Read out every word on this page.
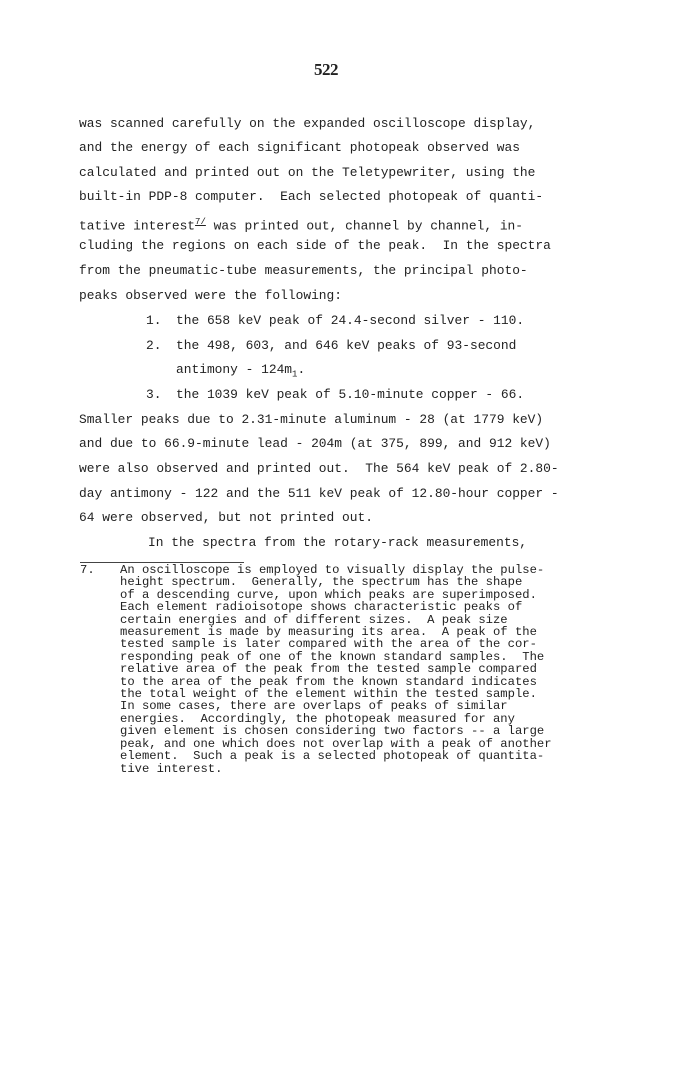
522
was scanned carefully on the expanded oscilloscope display,
and the energy of each significant photopeak observed was
calculated and printed out on the Teletypewriter, using the
built-in PDP-8 computer.  Each selected photopeak of quanti-
tative interest$^{7/}$ was printed out, channel by channel, in-
cluding the regions on each side of the peak.  In the spectra
from the pneumatic-tube measurements, the principal photo-
peaks observed were the following:
1. the 658 keV peak of 24.4-second silver - 110.
2. the 498, 603, and 646 keV peaks of 93-second
antimony - $124m_1$.
3. the 1039 keV peak of 5.10-minute copper - 66.
Smaller peaks due to 2.31-minute aluminum - 28 (at 1779 keV)
and due to 66.9-minute lead - 204m (at 375, 899, and 912 keV)
were also observed and printed out.  The 564 keV peak of 2.80-
day antimony - 122 and the 511 keV peak of 12.80-hour copper -
64 were observed, but not printed out.
In the spectra from the rotary-rack measurements,
7. An oscilloscope is employed to visually display the pulse-
height spectrum.  Generally, the spectrum has the shape
of a descending curve, upon which peaks are superimposed.
Each element radioisotope shows characteristic peaks of
certain energies and of different sizes.  A peak size
measurement is made by measuring its area.  A peak of the
tested sample is later compared with the area of the cor-
responding peak of one of the known standard samples.  The
relative area of the peak from the tested sample compared
to the area of the peak from the known standard indicates
the total weight of the element within the tested sample.
In some cases, there are overlaps of peaks of similar
energies.  Accordingly, the photopeak measured for any
given element is chosen considering two factors -- a large
peak, and one which does not overlap with a peak of another
element.  Such a peak is a selected photopeak of quantita-
tive interest.
